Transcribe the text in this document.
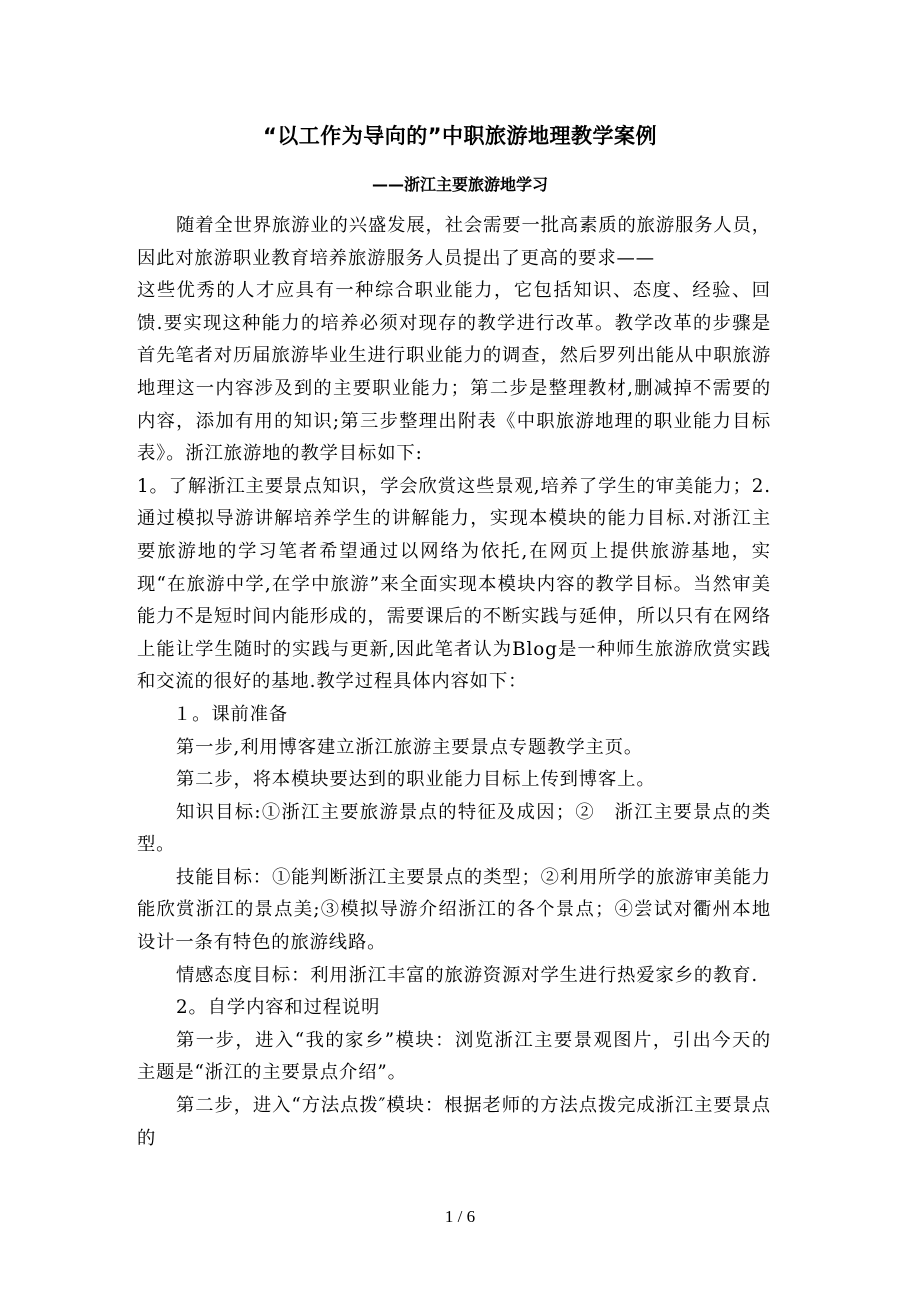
“以工作为导向的”中职旅游地理教学案例
——浙江主要旅游地学习

随着全世界旅游业的兴盛发展，社会需要一批高素质的旅游服务人员，因此对旅游职业教育培养旅游服务人员提出了更高的要求——

这些优秀的人才应具有一种综合职业能力，它包括知识、态度、经验、回馈.要实现这种能力的培养必须对现存的教学进行改革。教学改革的步骤是首先笔者对历届旅游毕业生进行职业能力的调查，然后罗列出能从中职旅游地理这一内容涉及到的主要职业能力；第二步是整理教材,删减掉不需要的内容，添加有用的知识;第三步整理出附表《中职旅游地理的职业能力目标表》。浙江旅游地的教学目标如下:

1。了解浙江主要景点知识，学会欣赏这些景观,培养了学生的审美能力；2.通过模拟导游讲解培养学生的讲解能力，实现本模块的能力目标.对浙江主要旅游地的学习笔者希望通过以网络为依托,在网页上提供旅游基地，实现“在旅游中学,在学中旅游”来全面实现本模块内容的教学目标。当然审美能力不是短时间内能形成的，需要课后的不断实践与延伸，所以只有在网络上能让学生随时的实践与更新,因此笔者认为Blog是一种师生旅游欣赏实践和交流的很好的基地.教学过程具体内容如下：

１。课前准备

第一步,利用博客建立浙江旅游主要景点专题教学主页。

第二步，将本模块要达到的职业能力目标上传到博客上。

知识目标:①浙江主要旅游景点的特征及成因；②　浙江主要景点的类型。

技能目标：①能判断浙江主要景点的类型；②利用所学的旅游审美能力能欣赏浙江的景点美;③模拟导游介绍浙江的各个景点；④尝试对衢州本地设计一条有特色的旅游线路。

情感态度目标：利用浙江丰富的旅游资源对学生进行热爱家乡的教育.

2。自学内容和过程说明

第一步，进入“我的家乡”模块：浏览浙江主要景观图片，引出今天的主题是“浙江的主要景点介绍”。

第二步，进入“方法点拨″模块：根据老师的方法点拨完成浙江主要景点的

1 / 6
